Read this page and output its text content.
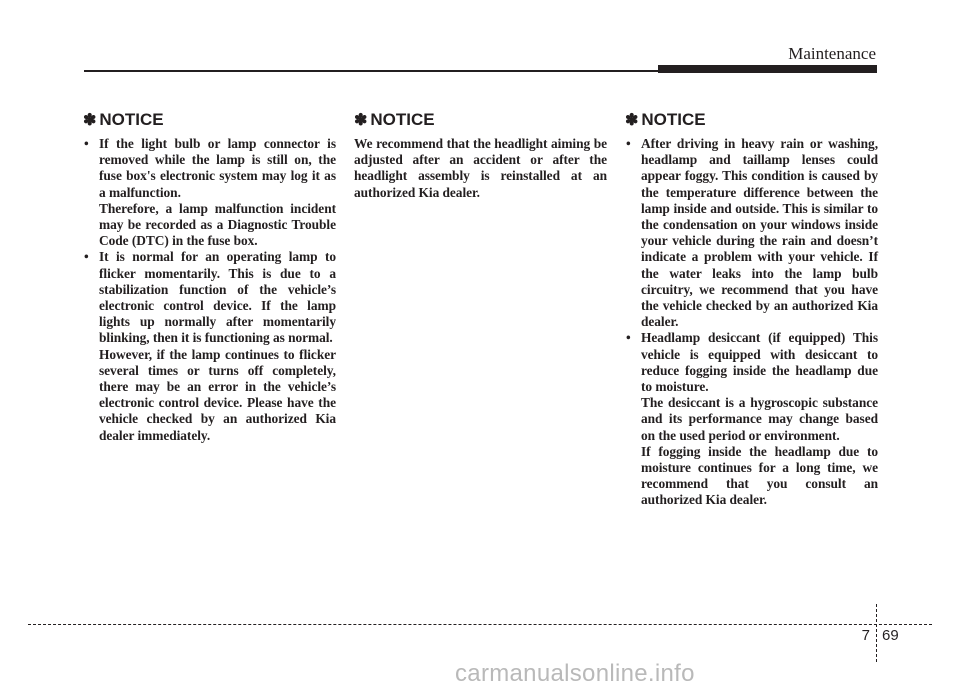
Maintenance
✽ NOTICE
• If the light bulb or lamp connector is removed while the lamp is still on, the fuse box's electronic system may log it as a malfunction.
Therefore, a lamp malfunction incident may be recorded as a Diagnostic Trouble Code (DTC) in the fuse box.
• It is normal for an operating lamp to flicker momentarily. This is due to a stabilization function of the vehicle’s electronic control device. If the lamp lights up normally after momentarily blinking, then it is functioning as normal.
However, if the lamp continues to flicker several times or turns off completely, there may be an error in the vehicle’s electronic control device. Please have the vehicle checked by an authorized Kia dealer immediately.
✽ NOTICE
We recommend that the headlight aiming be adjusted after an accident or after the headlight assembly is reinstalled at an authorized Kia dealer.
✽ NOTICE
• After driving in heavy rain or washing, headlamp and taillamp lenses could appear foggy. This condition is caused by the temperature difference between the lamp inside and outside. This is similar to the condensation on your windows inside your vehicle during the rain and doesn’t indicate a problem with your vehicle. If the water leaks into the lamp bulb circuitry, we recommend that you have the vehicle checked by an authorized Kia dealer.
• Headlamp desiccant (if equipped) This vehicle is equipped with desiccant to reduce fogging inside the headlamp due to moisture.
The desiccant is a hygroscopic substance and its performance may change based on the used period or environment.
If fogging inside the headlamp due to moisture continues for a long time, we recommend that you consult an authorized Kia dealer.
7 69
carmanualsonline.info
